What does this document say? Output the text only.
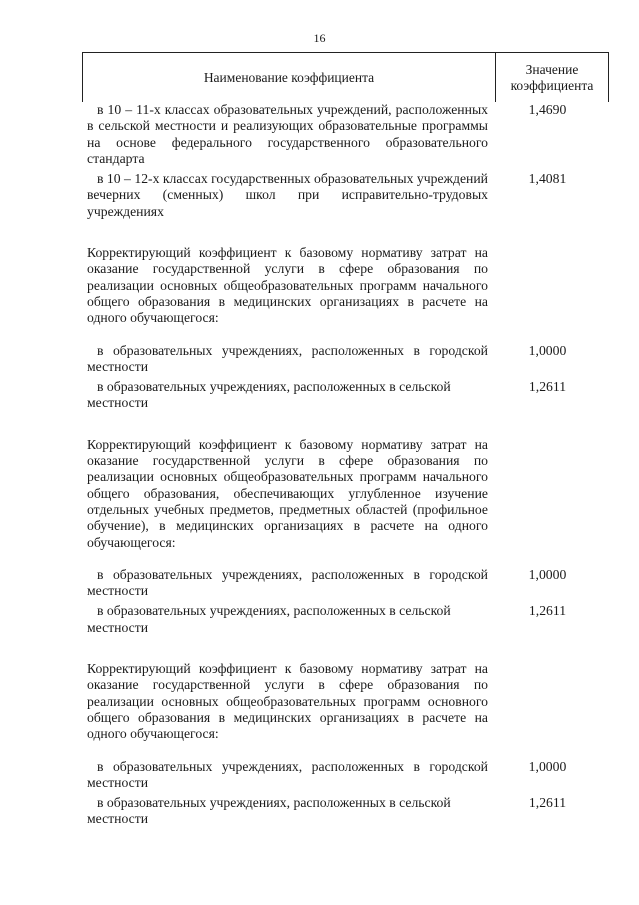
16
Наименование коэффициента
Значение
коэффициента
в 10 – 11-х классах образовательных учреждений, расположенных в сельской местности и реализующих образовательные программы на основе федерального государственного образовательного стандарта
1,4690
в 10 – 12-х классах государственных образовательных учреждений вечерних (сменных) школ при исправительно-трудовых учреждениях
1,4081
Корректирующий коэффициент к базовому нормативу затрат на оказание государственной услуги в сфере образования по реализации основных общеобразовательных программ начального общего образования в медицинских организациях в расчете на одного обучающегося:
в образовательных учреждениях, расположенных в городской местности
1,0000
в образовательных учреждениях, расположенных в сельской местности
1,2611
Корректирующий коэффициент к базовому нормативу затрат на оказание государственной услуги в сфере образования по реализации основных общеобразовательных программ начального общего образования, обеспечивающих углубленное изучение отдельных учебных предметов, предметных областей (профильное обучение), в медицинских организациях в расчете на одного обучающегося:
в образовательных учреждениях, расположенных в городской местности
1,0000
в образовательных учреждениях, расположенных в сельской местности
1,2611
Корректирующий коэффициент к базовому нормативу затрат на оказание государственной услуги в сфере образования по реализации основных общеобразовательных программ основного общего образования в медицинских организациях в расчете на одного обучающегося:
в образовательных учреждениях, расположенных в городской местности
1,0000
в образовательных учреждениях, расположенных в сельской местности
1,2611
